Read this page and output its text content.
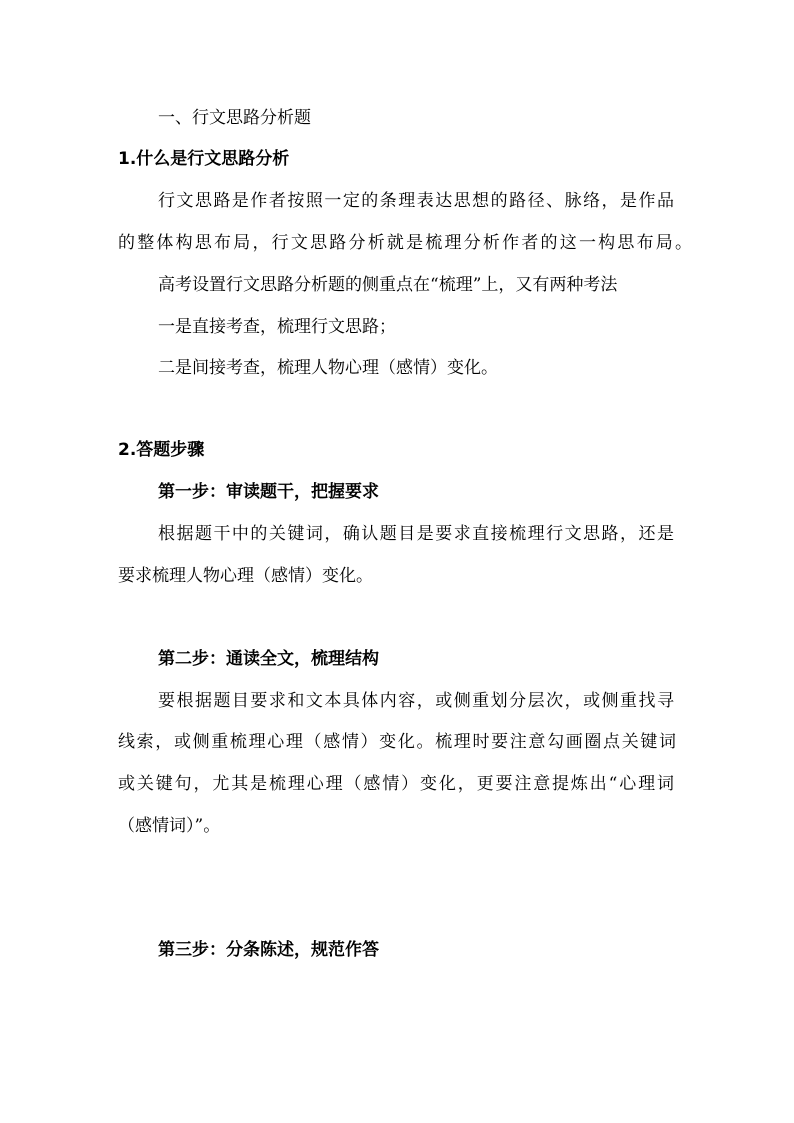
一、行文思路分析题
1.什么是行文思路分析
行文思路是作者按照一定的条理表达思想的路径、脉络，是作品
的整体构思布局，行文思路分析就是梳理分析作者的这一构思布局。
高考设置行文思路分析题的侧重点在“梳理”上，又有两种考法
一是直接考查，梳理行文思路；
二是间接考查，梳理人物心理（感情）变化。
2.答题步骤
第一步：审读题干，把握要求
根据题干中的关键词，确认题目是要求直接梳理行文思路，还是
要求梳理人物心理（感情）变化。
第二步：通读全文，梳理结构
要根据题目要求和文本具体内容，或侧重划分层次，或侧重找寻
线索，或侧重梳理心理（感情）变化。梳理时要注意勾画圈点关键词
或关键句，尤其是梳理心理（感情）变化，更要注意提炼出“心理词
（感情词）”。
第三步：分条陈述，规范作答
